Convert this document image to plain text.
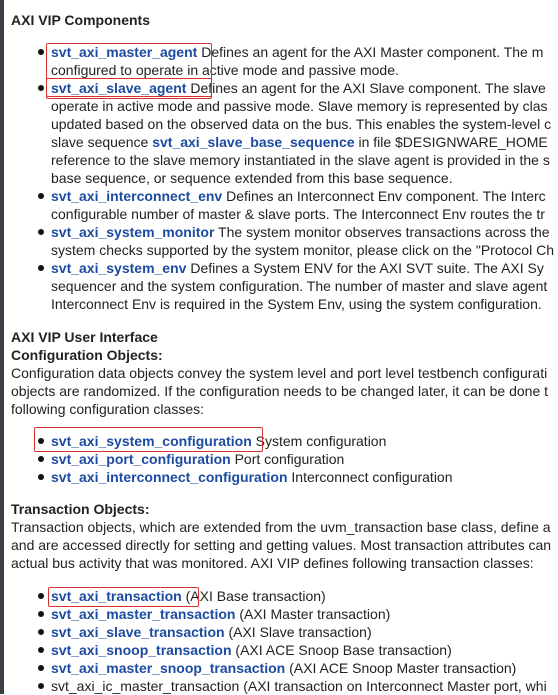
AXI VIP Components
svt_axi_master_agent Defines an agent for the AXI Master component. The m
configured to operate in active mode and passive mode.
svt_axi_slave_agent Defines an agent for the AXI Slave component. The slave
operate in active mode and passive mode. Slave memory is represented by clas
updated based on the observed data on the bus. This enables the system-level c
slave sequence svt_axi_slave_base_sequence in file $DESIGNWARE_HOME
reference to the slave memory instantiated in the slave agent is provided in the s
base sequence, or sequence extended from this base sequence.
svt_axi_interconnect_env Defines an Interconnect Env component. The Interc
configurable number of master & slave ports. The Interconnect Env routes the tr
svt_axi_system_monitor The system monitor observes transactions across the
system checks supported by the system monitor, please click on the "Protocol Ch
svt_axi_system_env Defines a System ENV for the AXI SVT suite. The AXI Sy
sequencer and the system configuration. The number of master and slave agent
Interconnect Env is required in the System Env, using the system configuration.
AXI VIP User Interface
Configuration Objects:
Configuration data objects convey the system level and port level testbench configurati
objects are randomized. If the configuration needs to be changed later, it can be done t
following configuration classes:
svt_axi_system_configuration System configuration
svt_axi_port_configuration Port configuration
svt_axi_interconnect_configuration Interconnect configuration
Transaction Objects:
Transaction objects, which are extended from the uvm_transaction base class, define a
and are accessed directly for setting and getting values. Most transaction attributes can
actual bus activity that was monitored. AXI VIP defines following transaction classes:
svt_axi_transaction (AXI Base transaction)
svt_axi_master_transaction (AXI Master transaction)
svt_axi_slave_transaction (AXI Slave transaction)
svt_axi_snoop_transaction (AXI ACE Snoop Base transaction)
svt_axi_master_snoop_transaction (AXI ACE Snoop Master transaction)
svt_axi_ic_master_transaction (AXI transaction on Interconnect Master port, whi
